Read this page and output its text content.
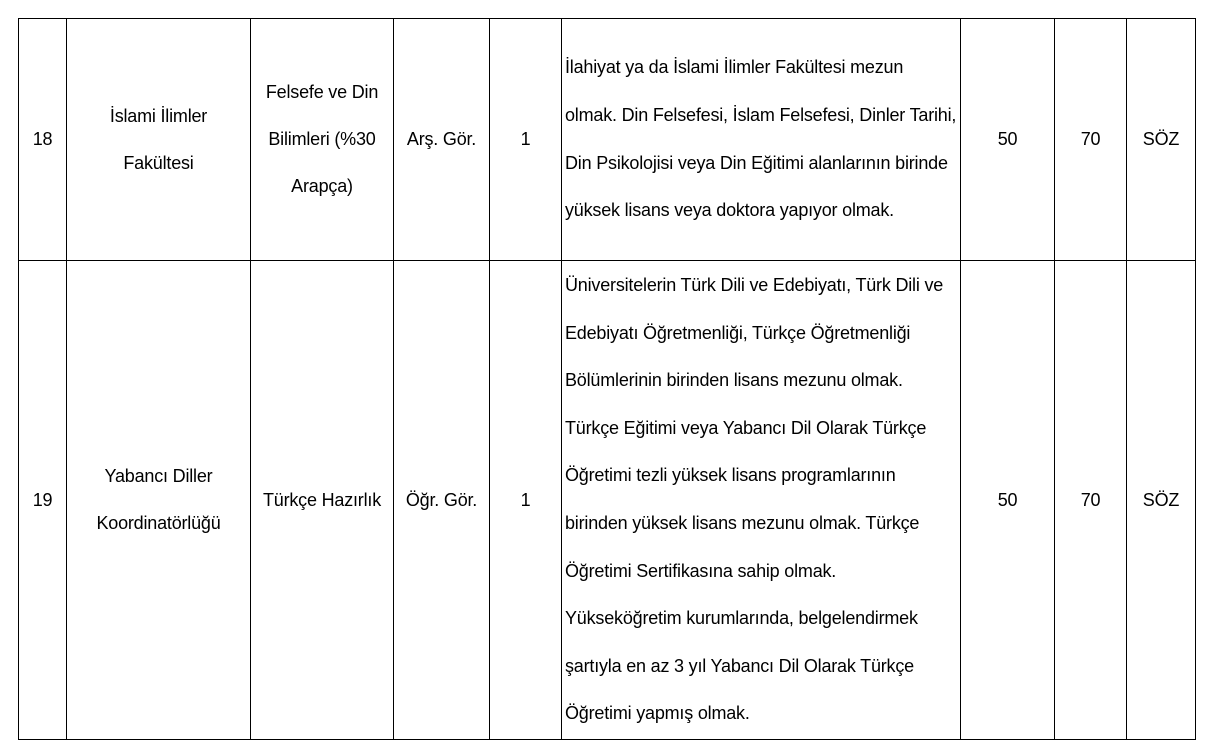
18	İslami İlimler Fakültesi	Felsefe ve Din Bilimleri (%30 Arapça)	Arş. Gör.	1	İlahiyat ya da İslami İlimler Fakültesi mezun olmak. Din Felsefesi, İslam Felsefesi, Dinler Tarihi, Din Psikolojisi veya Din Eğitimi alanlarının birinde yüksek lisans veya doktora yapıyor olmak.	50	70	SÖZ
19	Yabancı Diller Koordinatörlüğü	Türkçe Hazırlık	Öğr. Gör.	1	Üniversitelerin Türk Dili ve Edebiyatı, Türk Dili ve Edebiyatı Öğretmenliği, Türkçe Öğretmenliği Bölümlerinin birinden lisans mezunu olmak. Türkçe Eğitimi veya Yabancı Dil Olarak Türkçe Öğretimi tezli yüksek lisans programlarının birinden yüksek lisans mezunu olmak. Türkçe Öğretimi Sertifikasına sahip olmak. Yükseköğretim kurumlarında, belgelendirmek şartıyla en az 3 yıl Yabancı Dil Olarak Türkçe Öğretimi yapmış olmak.	50	70	SÖZ
